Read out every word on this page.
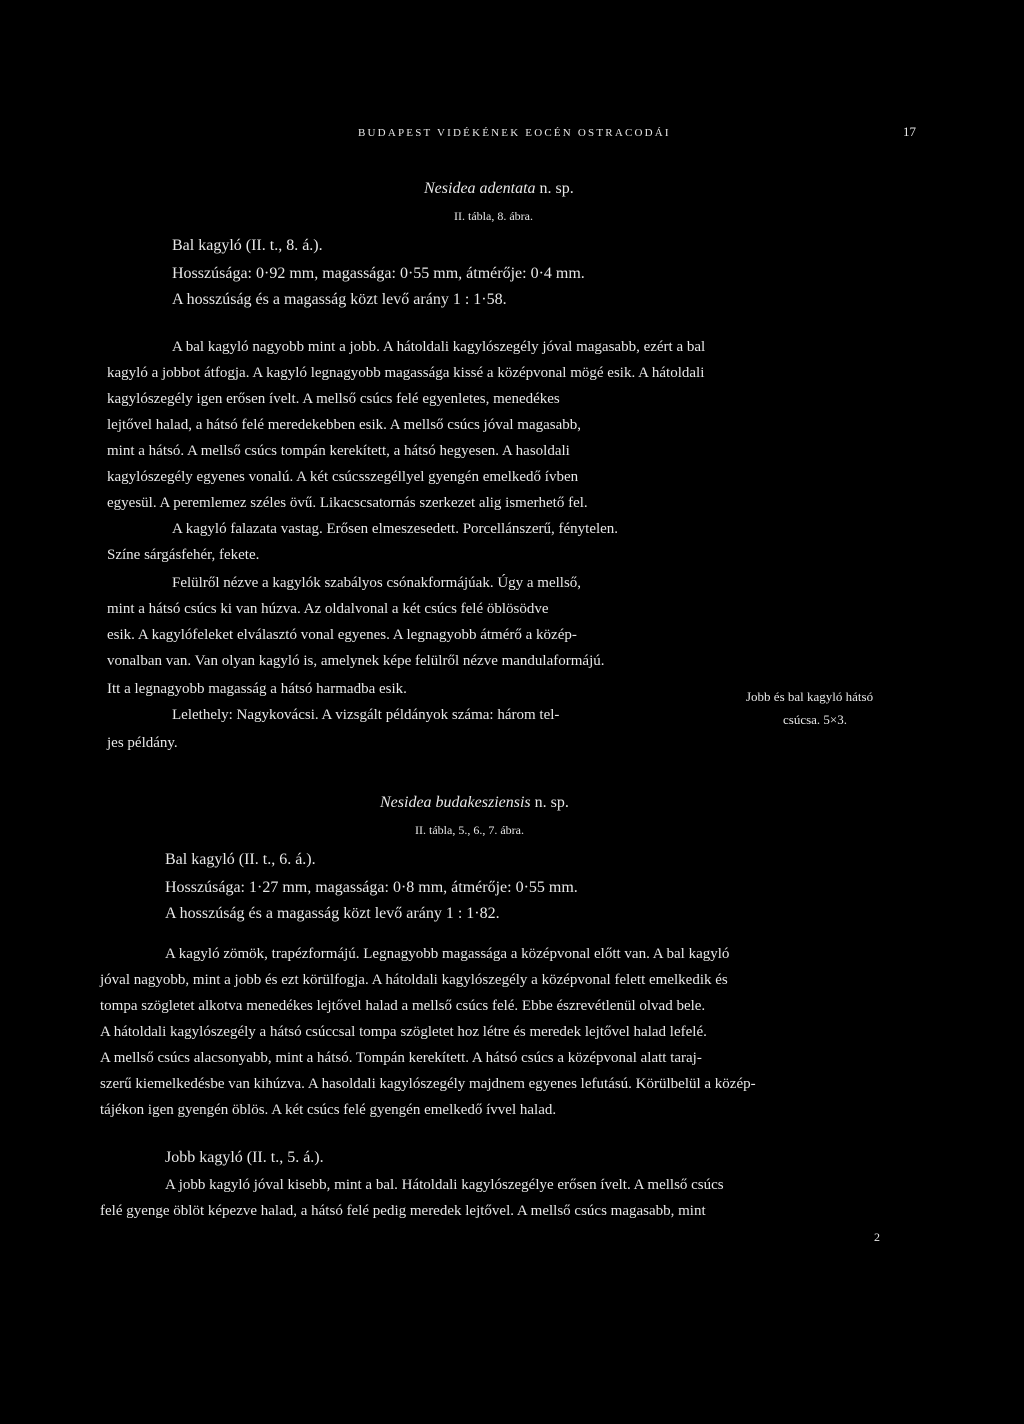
BUDAPEST VIDÉKÉNEK EOCÉN OSTRACODÁI	17
Nesidea adentata n. sp.
II. tábla, 8. ábra.
Bal kagyló (II. t., 8. á.).
Hosszúsága: 0·92 mm, magassága: 0·55 mm, átmérője: 0·4 mm.
A hosszúság és a magasság közt levő arány 1 : 1·58.
A bal kagyló nagyobb mint a jobb. A hátoldali kagylószegély jóval magasabb, ezért a bal
kagyló a jobbot átfogja. A kagyló legnagyobb magassága kissé a középvonal mögé esik. A hátoldali
kagylószegély igen erősen ívelt. A mellső csúcs felé egyenletes, menedékes
lejtővel halad, a hátsó felé meredekebben esik. A mellső csúcs jóval magasabb,
mint a hátsó. A mellső csúcs tompán kerekített, a hátsó hegyesen. A hasoldali
kagylószegély egyenes vonalú. A két csúcsszegéllyel gyengén emelkedő ívben
egyesül. A peremlemez széles övű. Likacscsatornás szerkezet alig ismerhető fel.
A kagyló falazata vastag. Erősen elmeszesedett. Porcellánszerű, fénytelen.
Színe sárgásfehér, fekete.
Felülről nézve a kagylók szabályos csónakformájúak. Úgy a mellső,
mint a hátsó csúcs ki van húzva. Az oldalvonal a két csúcs felé öblösödve
esik. A kagylófeleket elválasztó vonal egyenes. A legnagyobb átmérő a közép-
vonalban van. Van olyan kagyló is, amelynek képe felülről nézve mandulaformájú.
Itt a legnagyobb magasság a hátsó harmadba esik.
Lelethely: Nagykovácsi. A vizsgált példányok száma: három tel-
jes példány.
Jobb és bal kagyló hátsó
csúcsa. 5×3.
Nesidea budakesziensis n. sp.
II. tábla, 5., 6., 7. ábra.
Bal kagyló (II. t., 6. á.).
Hosszúsága: 1·27 mm, magassága: 0·8 mm, átmérője: 0·55 mm.
A hosszúság és a magasság közt levő arány 1 : 1·82.
A kagyló zömök, trapézformájú. Legnagyobb magassága a középvonal előtt van. A bal kagyló
jóval nagyobb, mint a jobb és ezt körülfogja. A hátoldali kagylószegély a középvonal felett emelkedik és
tompa szögletet alkotva menedékes lejtővel halad a mellső csúcs felé. Ebbe észrevétlenül olvad bele.
A hátoldali kagylószegély a hátsó csúccsal tompa szögletet hoz létre és meredek lejtővel halad lefelé.
A mellső csúcs alacsonyabb, mint a hátsó. Tompán kerekített. A hátsó csúcs a középvonal alatt taraj-
szerű kiemelkedésbe van kihúzva. A hasoldali kagylószegély majdnem egyenes lefutású. Körülbelül a közép-
tájékon igen gyengén öblös. A két csúcs felé gyengén emelkedő ívvel halad.
Jobb kagyló (II. t., 5. á.).
A jobb kagyló jóval kisebb, mint a bal. Hátoldali kagylószegélye erősen ívelt. A mellső csúcs
felé gyenge öblöt képezve halad, a hátsó felé pedig meredek lejtővel. A mellső csúcs magasabb, mint
2
